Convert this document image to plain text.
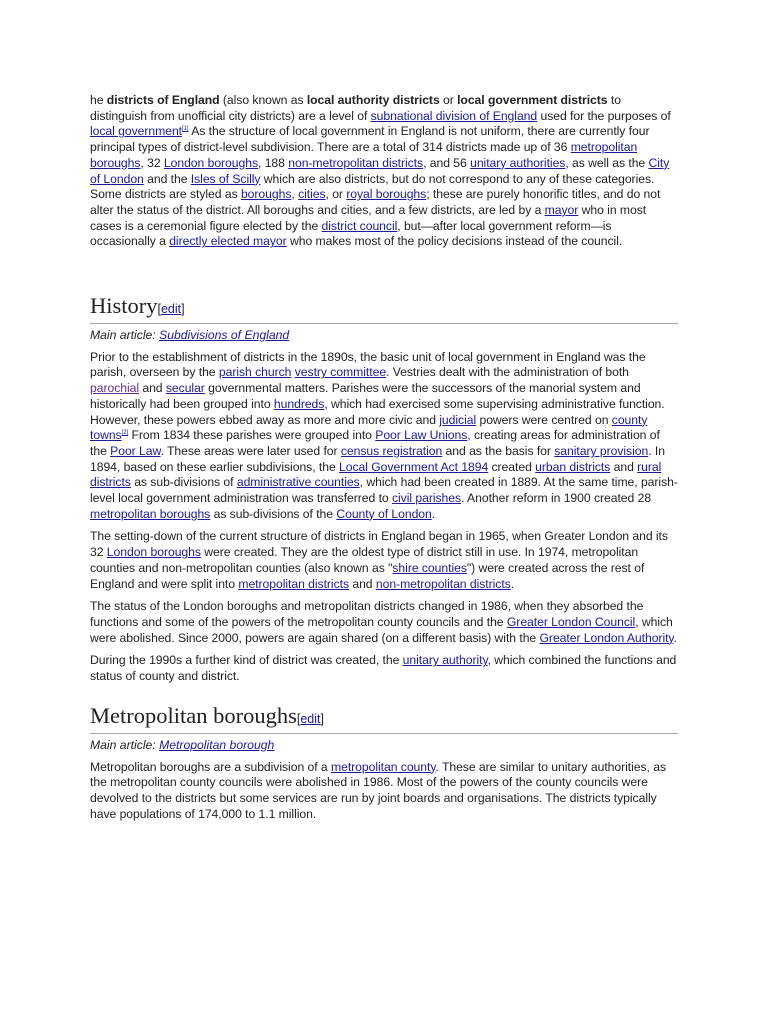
he districts of England (also known as local authority districts or local government districts to distinguish from unofficial city districts) are a level of subnational division of England used for the purposes of local government[1] As the structure of local government in England is not uniform, there are currently four principal types of district-level subdivision. There are a total of 314 districts made up of 36 metropolitan boroughs, 32 London boroughs, 188 non-metropolitan districts, and 56 unitary authorities, as well as the City of London and the Isles of Scilly which are also districts, but do not correspond to any of these categories. Some districts are styled as boroughs, cities, or royal boroughs; these are purely honorific titles, and do not alter the status of the district. All boroughs and cities, and a few districts, are led by a mayor who in most cases is a ceremonial figure elected by the district council, but—after local government reform—is occasionally a directly elected mayor who makes most of the policy decisions instead of the council.

History[edit]
Main article: Subdivisions of England

Prior to the establishment of districts in the 1890s, the basic unit of local government in England was the parish, overseen by the parish church vestry committee. Vestries dealt with the administration of both parochial and secular governmental matters. Parishes were the successors of the manorial system and historically had been grouped into hundreds, which had exercised some supervising administrative function. However, these powers ebbed away as more and more civic and judicial powers were centred on county towns[2] From 1834 these parishes were grouped into Poor Law Unions, creating areas for administration of the Poor Law. These areas were later used for census registration and as the basis for sanitary provision. In 1894, based on these earlier subdivisions, the Local Government Act 1894 created urban districts and rural districts as sub-divisions of administrative counties, which had been created in 1889. At the same time, parish-level local government administration was transferred to civil parishes. Another reform in 1900 created 28 metropolitan boroughs as sub-divisions of the County of London.

The setting-down of the current structure of districts in England began in 1965, when Greater London and its 32 London boroughs were created. They are the oldest type of district still in use. In 1974, metropolitan counties and non-metropolitan counties (also known as "shire counties") were created across the rest of England and were split into metropolitan districts and non-metropolitan districts.

The status of the London boroughs and metropolitan districts changed in 1986, when they absorbed the functions and some of the powers of the metropolitan county councils and the Greater London Council, which were abolished. Since 2000, powers are again shared (on a different basis) with the Greater London Authority.

During the 1990s a further kind of district was created, the unitary authority, which combined the functions and status of county and district.

Metropolitan boroughs[edit]
Main article: Metropolitan borough

Metropolitan boroughs are a subdivision of a metropolitan county. These are similar to unitary authorities, as the metropolitan county councils were abolished in 1986. Most of the powers of the county councils were devolved to the districts but some services are run by joint boards and organisations. The districts typically have populations of 174,000 to 1.1 million.
